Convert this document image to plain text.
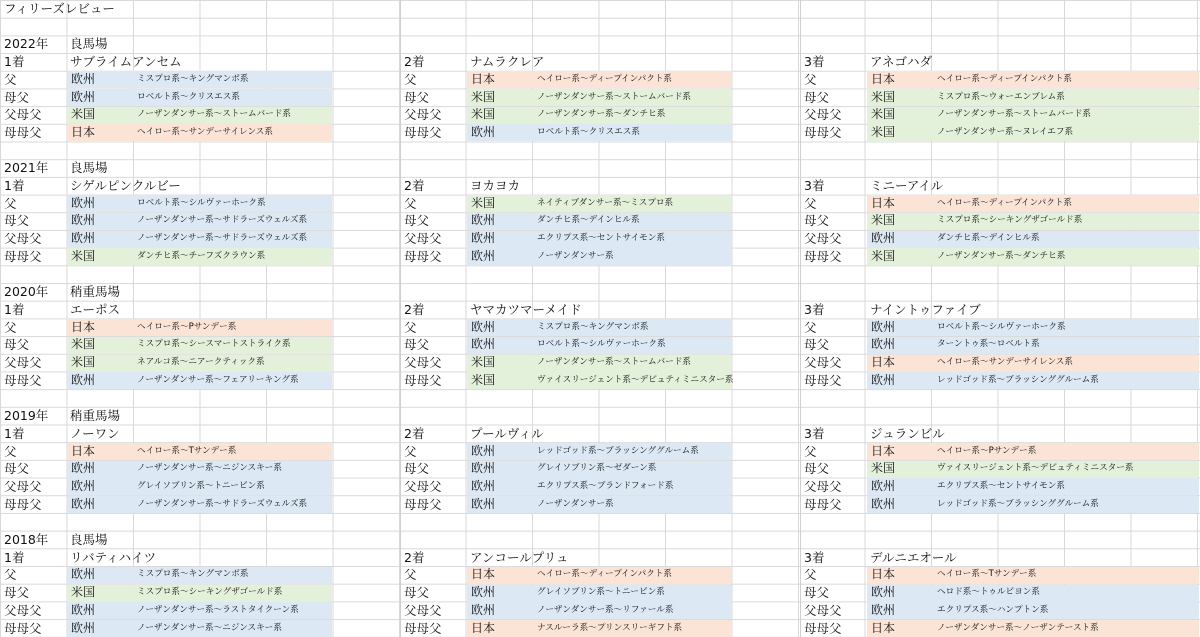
フィリーズレビュー
2022年 良馬場
1着	サブライムアンセム
父	欧州	ミスプロ系～キングマンボ系
母父	欧州	ロベルト系～クリスエス系
父母父 米国	ノーザンダンサー系～ストームバード系
母母父 日本	ヘイロー系～サンデーサイレンス系
2着	ナムラクレア
父	日本	ヘイロー系～ディープインパクト系
母父	米国	ノーザンダンサー系～ストームバード系
父母父 米国	ノーザンダンサー系～ダンチヒ系
母母父 欧州	ロベルト系～クリスエス系
3着	アネゴハダ
父	日本	ヘイロー系～ディープインパクト系
母父	米国	ミスプロ系～ウォーエンブレム系
父母父 米国	ノーザンダンサー系～ストームバード系
母母父 米国	ノーザンダンサー系～ヌレイエフ系
2021年 良馬場
1着	シゲルピンクルビー
父	欧州	ロベルト系～シルヴァーホーク系
母父	欧州	ノーザンダンサー系～サドラーズウェルズ系
父母父 欧州	ノーザンダンサー系～サドラーズウェルズ系
母母父 米国	ダンチヒ系～チーフズクラウン系
2着	ヨカヨカ
父	米国	ネイティブダンサー系～ミスプロ系
母父	欧州	ダンチヒ系～デインヒル系
父母父 欧州	エクリプス系～セントサイモン系
母母父 欧州	ノーザンダンサー系
3着	ミニーアイル
父	日本	ヘイロー系～ディープインパクト系
母父	米国	ミスプロ系～シーキングザゴールド系
父母父 欧州	ダンチヒ系～デインヒル系
母母父 米国	ノーザンダンサー系～ダンチヒ系
2020年 稍重馬場
1着	エーポス
父	日本	ヘイロー系～Pサンデー系
母父	米国	ミスプロ系～シースマートストライク系
父母父 米国	ネアルコ系～ニアークティック系
母母父 欧州	ノーザンダンサー系～フェアリーキング系
2着	ヤマカツマーメイド
父	欧州	ミスプロ系～キングマンボ系
母父	欧州	ロベルト系～シルヴァーホーク系
父母父 米国	ノーザンダンサー系～ストームバード系
母母父 米国	ヴァイスリージェント系～デピュティミニスター系
3着	ナイントゥファイブ
父	欧州	ロベルト系～シルヴァーホーク系
母父	欧州	ターントゥ系～ロベルト系
父母父 日本	ヘイロー系～サンデーサイレンス系
母母父 欧州	レッドゴッド系～ブラッシンググルーム系
2019年 稍重馬場
1着	ノーワン
父	日本	ヘイロー系～Tサンデー系
母父	欧州	ノーザンダンサー系～ニジンスキー系
父母父 欧州	グレイソブリン系～トニービン系
母母父 欧州	ノーザンダンサー系～サドラーズウェルズ系
2着	プールヴィル
父	欧州	レッドゴッド系～ブラッシンググルーム系
母父	欧州	グレイソブリン系～ゼダーン系
父母父 欧州	エクリプス系～ブランドフォード系
母母父 欧州	ノーザンダンサー系
3着	ジュランビル
父	日本	ヘイロー系～Pサンデー系
母父	米国	ヴァイスリージェント系～デピュティミニスター系
父母父 欧州	エクリプス系～セントサイモン系
母母父 欧州	レッドゴッド系～ブラッシンググルーム系
2018年 良馬場
1着	リバティハイツ
父	欧州	ミスプロ系～キングマンボ系
母父	米国	ミスプロ系～シーキングザゴールド系
父母父 欧州	ノーザンダンサー系～ラストタイクーン系
母母父 欧州	ノーザンダンサー系～ニジンスキー系
2着	アンコールプリュ
父	日本	ヘイロー系～ディープインパクト系
母父	欧州	グレイソブリン系～トニービン系
父母父 欧州	ノーザンダンサー系～リファール系
母母父 日本	ナスルーラ系～プリンスリーギフト系
3着	デルニエオール
父	日本	ヘイロー系～Tサンデー系
母父	欧州	ヘロド系～トゥルビヨン系
父母父 欧州	エクリプス系～ハンプトン系
母母父 日本	ノーザンダンサー系～ノーザンテースト系
